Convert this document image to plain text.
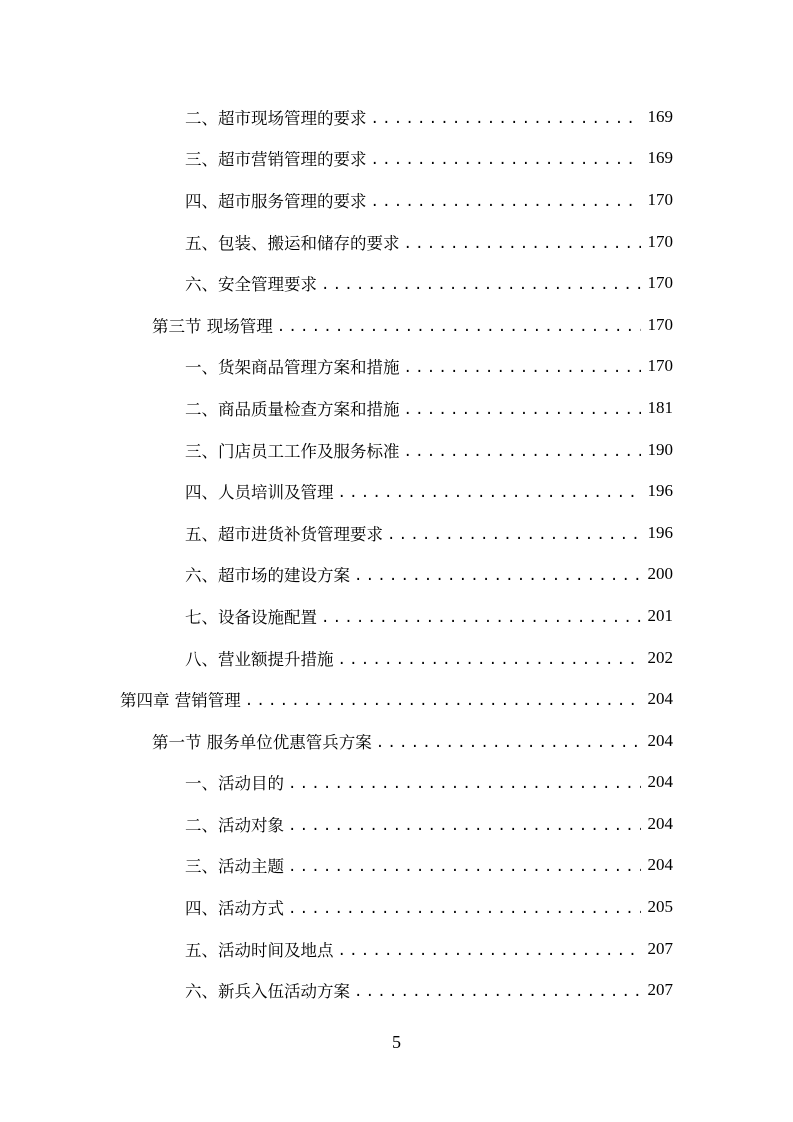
二、超市现场管理的要求 .....	169
三、超市营销管理的要求 .....	169
四、超市服务管理的要求 .....	170
五、包装、搬运和储存的要求 .....	170
六、安全管理要求 .....	170
第三节 现场管理 .....	170
一、货架商品管理方案和措施 .....	170
二、商品质量检查方案和措施 .....	181
三、门店员工工作及服务标准 .....	190
四、人员培训及管理 .....	196
五、超市进货补货管理要求 .....	196
六、超市场的建设方案 .....	200
七、设备设施配置 .....	201
八、营业额提升措施 .....	202
第四章 营销管理 .....	204
第一节 服务单位优惠管兵方案 .....	204
一、活动目的 .....	204
二、活动对象 .....	204
三、活动主题 .....	204
四、活动方式 .....	205
五、活动时间及地点 .....	207
六、新兵入伍活动方案 .....	207
5
